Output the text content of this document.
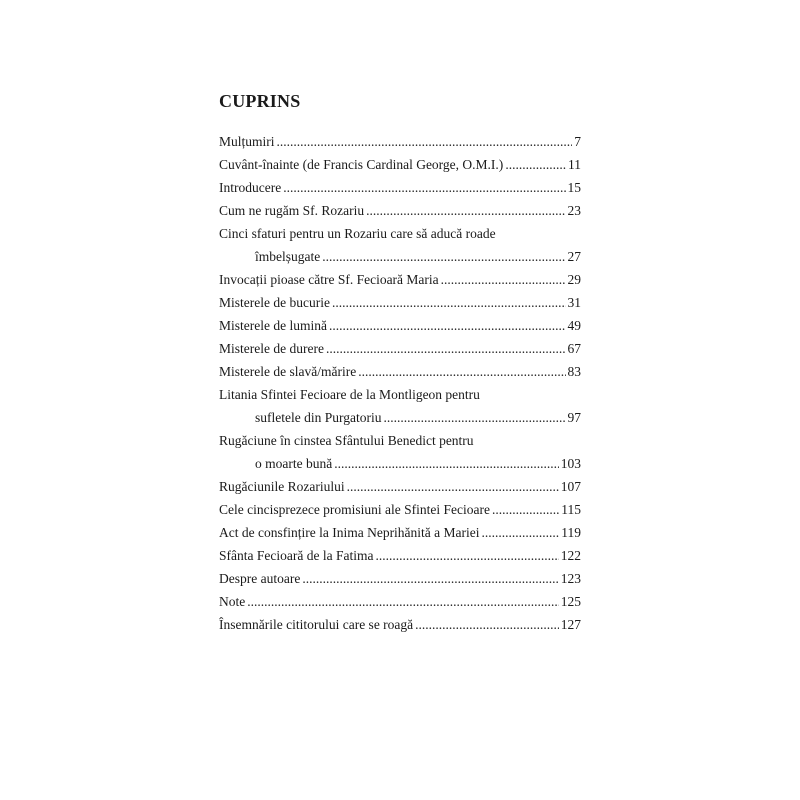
CUPRINS
Mulțumiri .....	7
Cuvânt-înainte (de Francis Cardinal George, O.M.I.) .....	11
Introducere .....	15
Cum ne rugăm Sf. Rozariu .....	23
Cinci sfaturi pentru un Rozariu care să aducă roade
îmbelșugate .....	27
Invocații pioase către Sf. Fecioară Maria .....	29
Misterele de bucurie .....	31
Misterele de lumină .....	49
Misterele de durere .....	67
Misterele de slavă/mărire .....	83
Litania Sfintei Fecioare de la Montligeon pentru
sufletele din Purgatoriu .....	97
Rugăciune în cinstea Sfântului Benedict pentru
o moarte bună .....	103
Rugăciunile Rozariului .....	107
Cele cincisprezece promisiuni ale Sfintei Fecioare .....	115
Act de consfințire la Inima Neprihănită a Mariei .....	119
Sfânta Fecioară de la Fatima .....	122
Despre autoare .....	123
Note .....	125
Însemnările cititorului care se roagă .....	127
